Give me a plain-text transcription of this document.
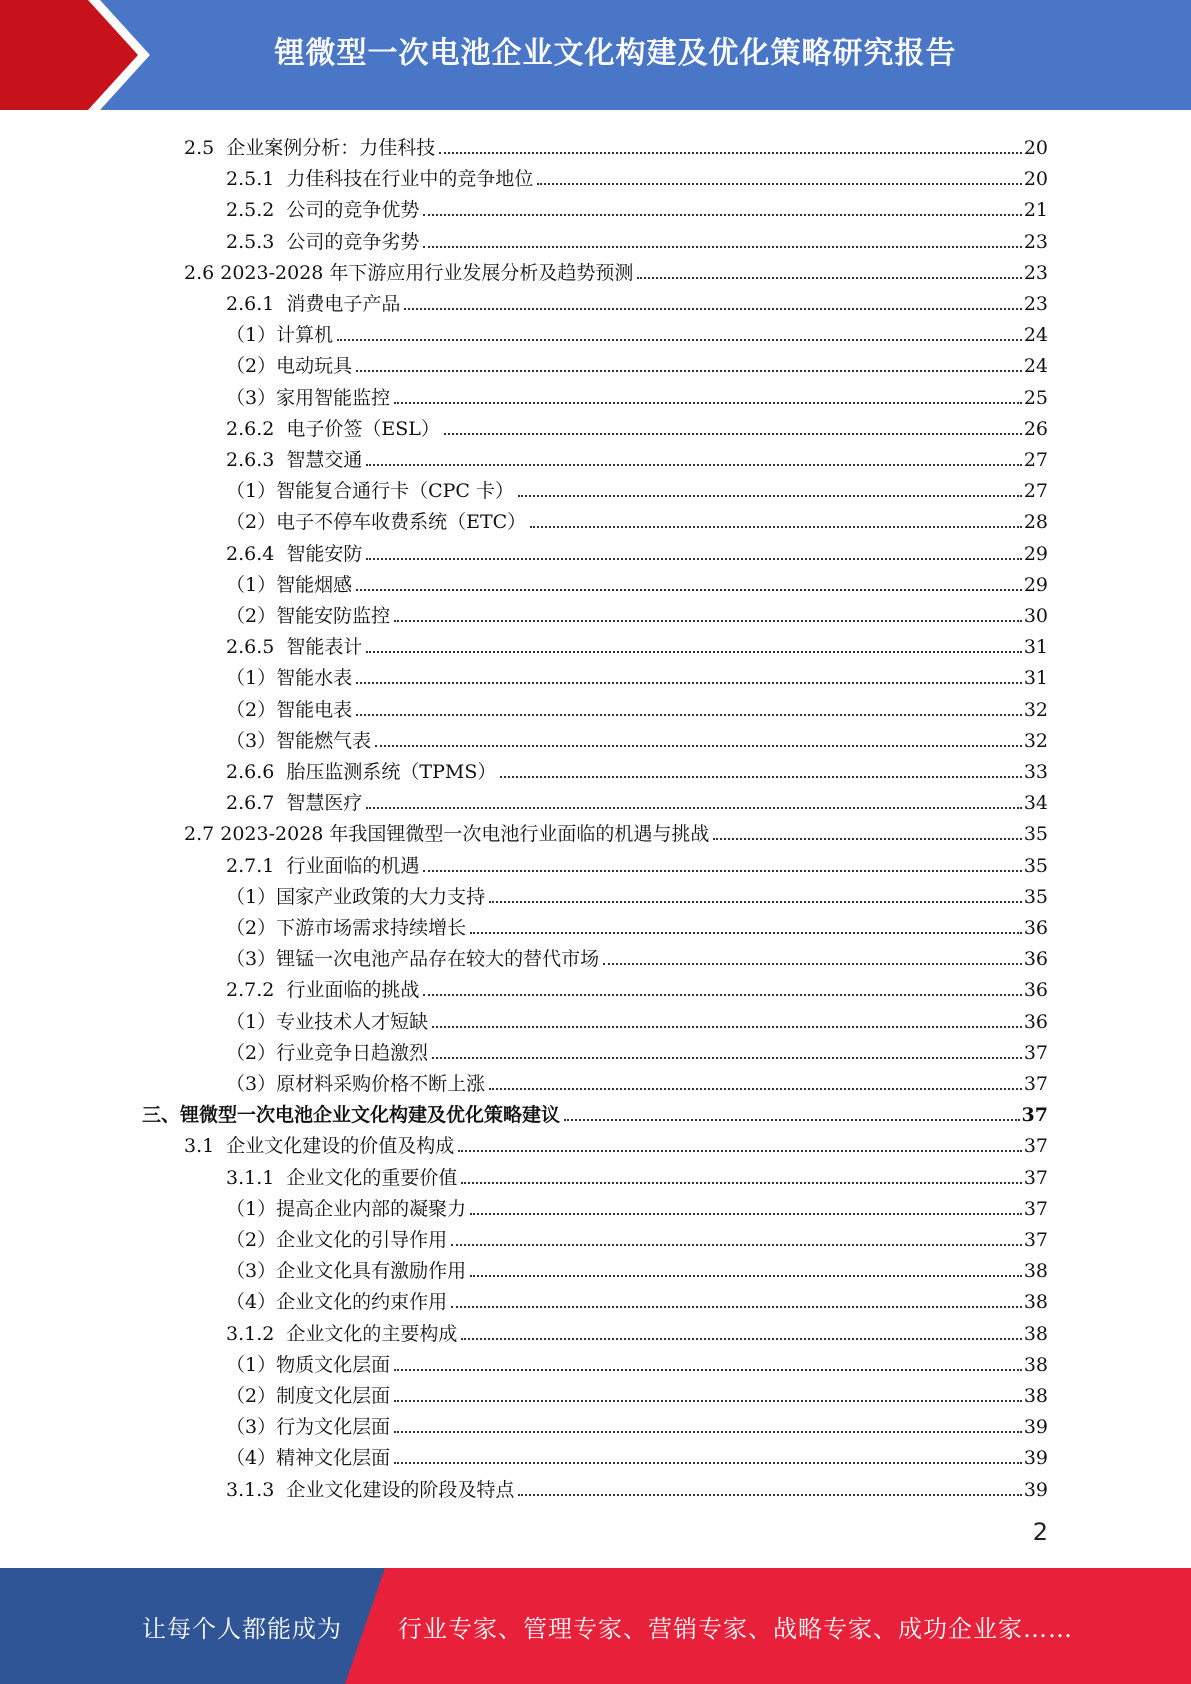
锂微型一次电池企业文化构建及优化策略研究报告
2.5  企业案例分析：力佳科技	20
2.5.1  力佳科技在行业中的竞争地位	20
2.5.2  公司的竞争优势	21
2.5.3  公司的竞争劣势	23
2.6 2023-2028 年下游应用行业发展分析及趋势预测	23
2.6.1  消费电子产品	23
（1）计算机	24
（2）电动玩具	24
（3）家用智能监控	25
2.6.2  电子价签（ESL）	26
2.6.3  智慧交通	27
（1）智能复合通行卡（CPC 卡）	27
（2）电子不停车收费系统（ETC）	28
2.6.4  智能安防	29
（1）智能烟感	29
（2）智能安防监控	30
2.6.5  智能表计	31
（1）智能水表	31
（2）智能电表	32
（3）智能燃气表	32
2.6.6  胎压监测系统（TPMS）	33
2.6.7  智慧医疗	34
2.7 2023-2028 年我国锂微型一次电池行业面临的机遇与挑战	35
2.7.1  行业面临的机遇	35
（1）国家产业政策的大力支持	35
（2）下游市场需求持续增长	36
（3）锂锰一次电池产品存在较大的替代市场	36
2.7.2  行业面临的挑战	36
（1）专业技术人才短缺	36
（2）行业竞争日趋激烈	37
（3）原材料采购价格不断上涨	37
三、锂微型一次电池企业文化构建及优化策略建议	37
3.1  企业文化建设的价值及构成	37
3.1.1  企业文化的重要价值	37
（1）提高企业内部的凝聚力	37
（2）企业文化的引导作用	37
（3）企业文化具有激励作用	38
（4）企业文化的约束作用	38
3.1.2  企业文化的主要构成	38
（1）物质文化层面	38
（2）制度文化层面	38
（3）行为文化层面	39
（4）精神文化层面	39
3.1.3  企业文化建设的阶段及特点	39
2
让每个人都能成为 行业专家、管理专家、营销专家、战略专家、成功企业家……
